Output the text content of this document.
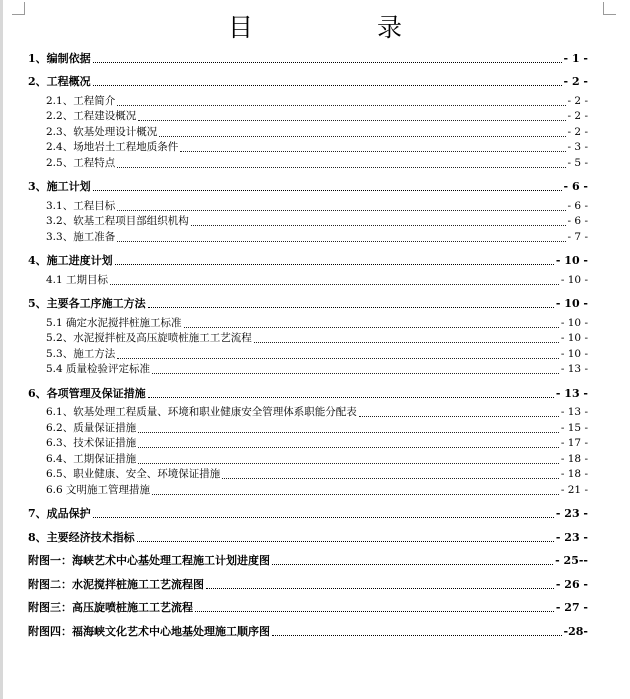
目 录
1、编制依据	- 1 -
2、工程概况	- 2 -
2.1、工程简介	- 2 -
2.2、工程建设概况	- 2 -
2.3、软基处理设计概况	- 2 -
2.4、场地岩土工程地质条件	- 3 -
2.5、工程特点	- 5 -
3、施工计划	- 6 -
3.1、工程目标	- 6 -
3.2、软基工程项目部组织机构	- 6 -
3.3、施工准备	- 7 -
4、施工进度计划	- 10 -
4.1 工期目标	- 10 -
5、主要各工序施工方法	- 10 -
5.1 确定水泥搅拌桩施工标准	- 10 -
5.2、水泥搅拌桩及高压旋喷桩施工工艺流程	- 10 -
5.3、施工方法	- 10 -
5.4 质量检验评定标准	- 13 -
6、各项管理及保证措施	- 13 -
6.1、软基处理工程质量、环境和职业健康安全管理体系职能分配表	- 13 -
6.2、质量保证措施	- 15 -
6.3、技术保证措施	- 17 -
6.4、工期保证措施	- 18 -
6.5、职业健康、安全、环境保证措施	- 18 -
6.6 文明施工管理措施	- 21 -
7、成品保护	- 23 -
8、主要经济技术指标	- 23 -
附图一：海峡艺术中心基处理工程施工计划进度图	- 25--
附图二：水泥搅拌桩施工工艺流程图	- 26 -
附图三：高压旋喷桩施工工艺流程	- 27 -
附图四：福海峡文化艺术中心地基处理施工顺序图	-28-
